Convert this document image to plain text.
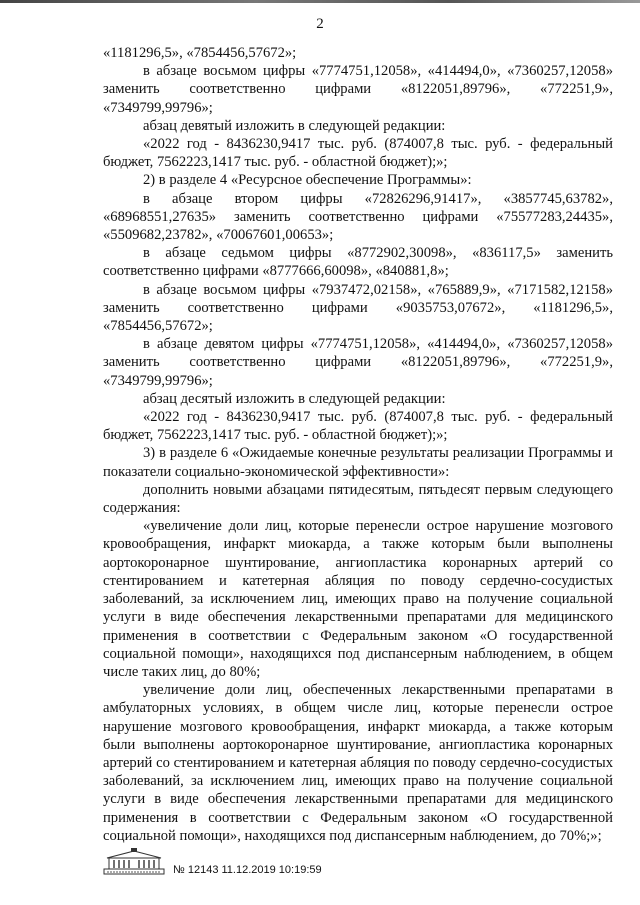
2

«1181296,5», «7854456,57672»;

в абзаце восьмом цифры «7774751,12058», «414494,0», «7360257,12058» заменить соответственно цифрами «8122051,89796», «772251,9», «7349799,99796»;

абзац девятый изложить в следующей редакции:

«2022 год - 8436230,9417 тыс. руб. (874007,8 тыс. руб. - федеральный бюджет, 7562223,1417 тыс. руб. - областной бюджет);»;

2) в разделе 4 «Ресурсное обеспечение Программы»:

в абзаце втором цифры «72826296,91417», «3857745,63782», «68968551,27635» заменить соответственно цифрами «75577283,24435», «5509682,23782», «70067601,00653»;

в абзаце седьмом цифры «8772902,30098», «836117,5» заменить соответственно цифрами «8777666,60098», «840881,8»;

в абзаце восьмом цифры «7937472,02158», «765889,9», «7171582,12158» заменить соответственно цифрами «9035753,07672», «1181296,5», «7854456,57672»;

в абзаце девятом цифры «7774751,12058», «414494,0», «7360257,12058» заменить соответственно цифрами «8122051,89796», «772251,9», «7349799,99796»;

абзац десятый изложить в следующей редакции:

«2022 год - 8436230,9417 тыс. руб. (874007,8 тыс. руб. - федеральный бюджет, 7562223,1417 тыс. руб. - областной бюджет);»;

3) в разделе 6 «Ожидаемые конечные результаты реализации Программы и показатели социально-экономической эффективности»:

дополнить новыми абзацами пятидесятым, пятьдесят первым следующего содержания:

«увеличение доли лиц, которые перенесли острое нарушение мозгового кровообращения, инфаркт миокарда, а также которым были выполнены аортокоронарное шунтирование, ангиопластика коронарных артерий со стентированием и катетерная абляция по поводу сердечно-сосудистых заболеваний, за исключением лиц, имеющих право на получение социальной услуги в виде обеспечения лекарственными препаратами для медицинского применения в соответствии с Федеральным законом «О государственной социальной помощи», находящихся под диспансерным наблюдением, в общем числе таких лиц, до 80%;

увеличение доли лиц, обеспеченных лекарственными препаратами в амбулаторных условиях, в общем числе лиц, которые перенесли острое нарушение мозгового кровообращения, инфаркт миокарда, а также которым были выполнены аортокоронарное шунтирование, ангиопластика коронарных артерий со стентированием и катетерная абляция по поводу сердечно-сосудистых заболеваний, за исключением лиц, имеющих право на получение социальной услуги в виде обеспечения лекарственными препаратами для медицинского применения в соответствии с Федеральным законом «О государственной социальной помощи», находящихся под диспансерным наблюдением, до 70%;»;

№ 12143 11.12.2019 10:19:59
